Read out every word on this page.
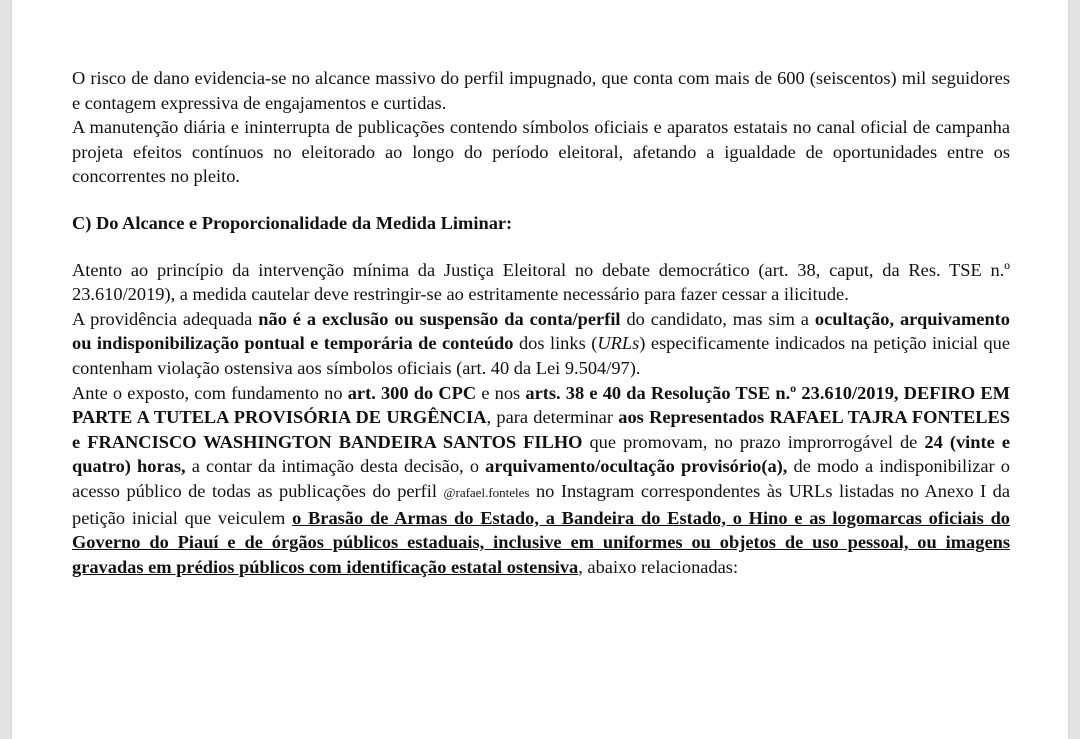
O risco de dano evidencia-se no alcance massivo do perfil impugnado, que conta com mais de 600 (seiscentos) mil seguidores e contagem expressiva de engajamentos e curtidas.

A manutenção diária e ininterrupta de publicações contendo símbolos oficiais e aparatos estatais no canal oficial de campanha projeta efeitos contínuos no eleitorado ao longo do período eleitoral, afetando a igualdade de oportunidades entre os concorrentes no pleito.

C) Do Alcance e Proporcionalidade da Medida Liminar:

Atento ao princípio da intervenção mínima da Justiça Eleitoral no debate democrático (art. 38, caput, da Res. TSE n.º 23.610/2019), a medida cautelar deve restringir-se ao estritamente necessário para fazer cessar a ilicitude.

A providência adequada não é a exclusão ou suspensão da conta/perfil do candidato, mas sim a ocultação, arquivamento ou indisponibilização pontual e temporária de conteúdo dos links (URLs) especificamente indicados na petição inicial que contenham violação ostensiva aos símbolos oficiais (art. 40 da Lei 9.504/97).

Ante o exposto, com fundamento no art. 300 do CPC e nos arts. 38 e 40 da Resolução TSE n.º 23.610/2019, DEFIRO EM PARTE A TUTELA PROVISÓRIA DE URGÊNCIA, para determinar aos Representados RAFAEL TAJRA FONTELES e FRANCISCO WASHINGTON BANDEIRA SANTOS FILHO que promovam, no prazo improrrogável de 24 (vinte e quatro) horas, a contar da intimação desta decisão, o arquivamento/ocultação provisório(a), de modo a indisponibilizar o acesso público de todas as publicações do perfil @rafael.fonteles no Instagram correspondentes às URLs listadas no Anexo I da petição inicial que veiculem o Brasão de Armas do Estado, a Bandeira do Estado, o Hino e as logomarcas oficiais do Governo do Piauí e de órgãos públicos estaduais, inclusive em uniformes ou objetos de uso pessoal, ou imagens gravadas em prédios públicos com identificação estatal ostensiva, abaixo relacionadas:
